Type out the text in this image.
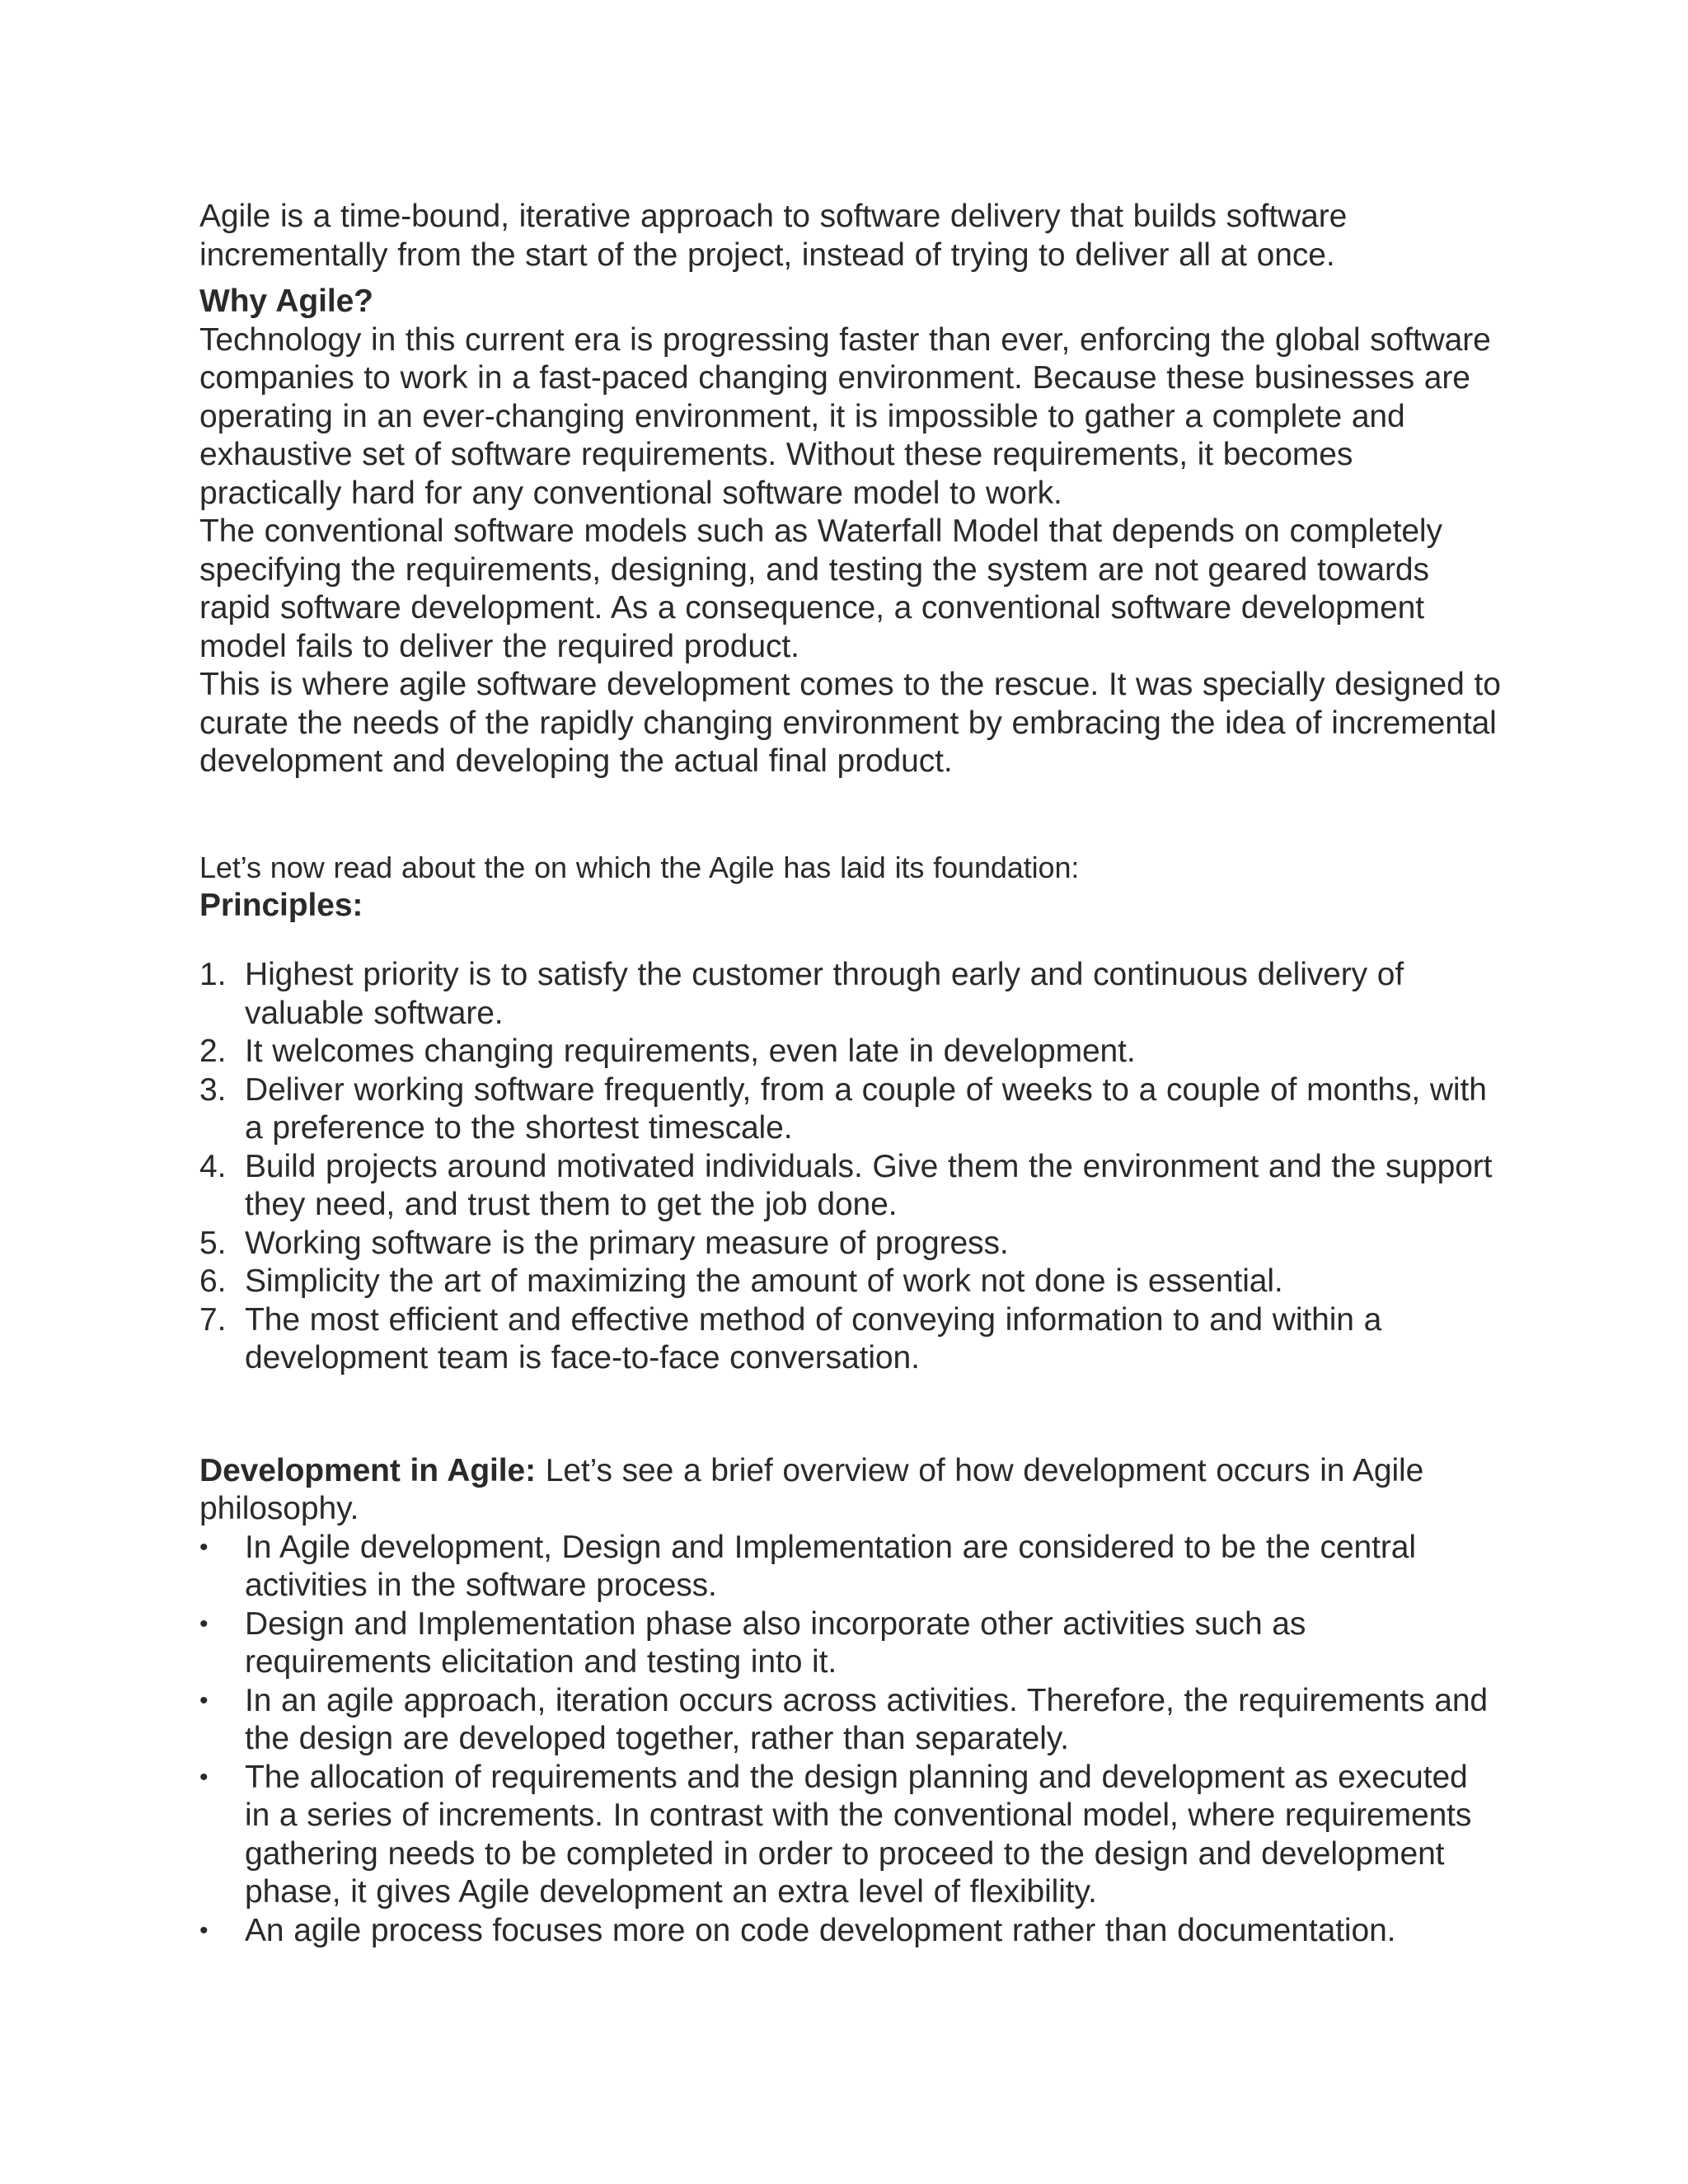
Agile is a time-bound, iterative approach to software delivery that builds software incrementally from the start of the project, instead of trying to deliver all at once.

Why Agile?

Technology in this current era is progressing faster than ever, enforcing the global software companies to work in a fast-paced changing environment. Because these businesses are operating in an ever-changing environment, it is impossible to gather a complete and exhaustive set of software requirements. Without these requirements, it becomes practically hard for any conventional software model to work.

The conventional software models such as Waterfall Model that depends on completely specifying the requirements, designing, and testing the system are not geared towards rapid software development. As a consequence, a conventional software development model fails to deliver the required product.

This is where agile software development comes to the rescue. It was specially designed to curate the needs of the rapidly changing environment by embracing the idea of incremental development and developing the actual final product.

Let’s now read about the on which the Agile has laid its foundation:

Principles:

1. Highest priority is to satisfy the customer through early and continuous delivery of valuable software.
2. It welcomes changing requirements, even late in development.
3. Deliver working software frequently, from a couple of weeks to a couple of months, with a preference to the shortest timescale.
4. Build projects around motivated individuals. Give them the environment and the support they need, and trust them to get the job done.
5. Working software is the primary measure of progress.
6. Simplicity the art of maximizing the amount of work not done is essential.
7. The most efficient and effective method of conveying information to and within a development team is face-to-face conversation.

Development in Agile: Let’s see a brief overview of how development occurs in Agile philosophy.

• In Agile development, Design and Implementation are considered to be the central activities in the software process.
• Design and Implementation phase also incorporate other activities such as requirements elicitation and testing into it.
• In an agile approach, iteration occurs across activities. Therefore, the requirements and the design are developed together, rather than separately.
• The allocation of requirements and the design planning and development as executed in a series of increments. In contrast with the conventional model, where requirements gathering needs to be completed in order to proceed to the design and development phase, it gives Agile development an extra level of flexibility.
• An agile process focuses more on code development rather than documentation.
